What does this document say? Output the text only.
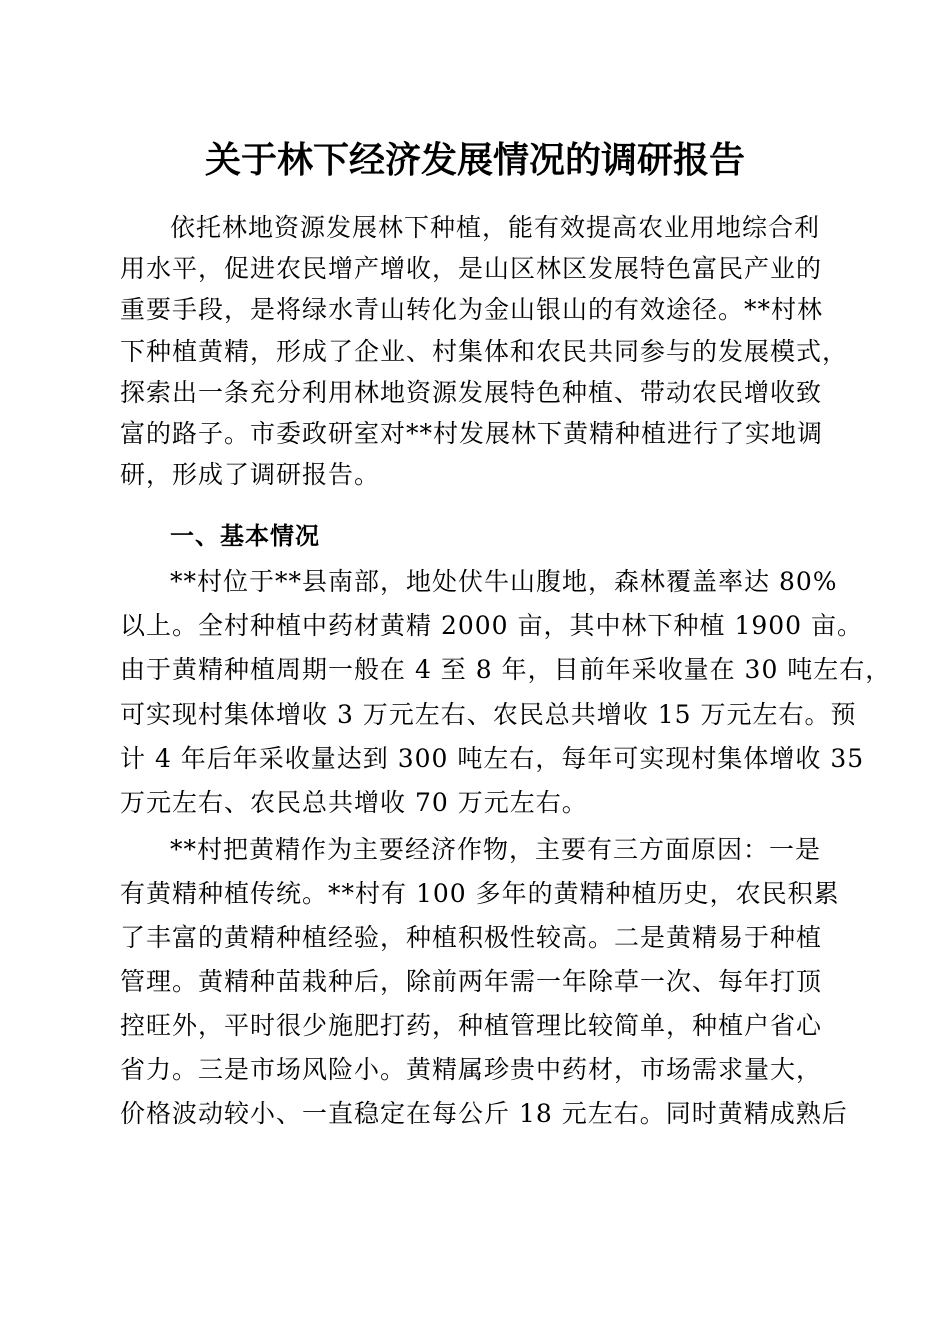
关于林下经济发展情况的调研报告
依托林地资源发展林下种植，能有效提高农业用地综合利
用水平，促进农民增产增收，是山区林区发展特色富民产业的
重要手段，是将绿水青山转化为金山银山的有效途径。**村林
下种植黄精，形成了企业、村集体和农民共同参与的发展模式，
探索出一条充分利用林地资源发展特色种植、带动农民增收致
富的路子。市委政研室对**村发展林下黄精种植进行了实地调
研，形成了调研报告。
一、基本情况
**村位于**县南部，地处伏牛山腹地，森林覆盖率达 80%
以上。全村种植中药材黄精 2000 亩，其中林下种植 1900 亩。
由于黄精种植周期一般在 4 至 8 年，目前年采收量在 30 吨左右，
可实现村集体增收 3 万元左右、农民总共增收 15 万元左右。预
计 4 年后年采收量达到 300 吨左右，每年可实现村集体增收 35
万元左右、农民总共增收 70 万元左右。
**村把黄精作为主要经济作物，主要有三方面原因：一是
有黄精种植传统。**村有 100 多年的黄精种植历史，农民积累
了丰富的黄精种植经验，种植积极性较高。二是黄精易于种植
管理。黄精种苗栽种后，除前两年需一年除草一次、每年打顶
控旺外，平时很少施肥打药，种植管理比较简单，种植户省心
省力。三是市场风险小。黄精属珍贵中药材，市场需求量大，
价格波动较小、一直稳定在每公斤 18 元左右。同时黄精成熟后
